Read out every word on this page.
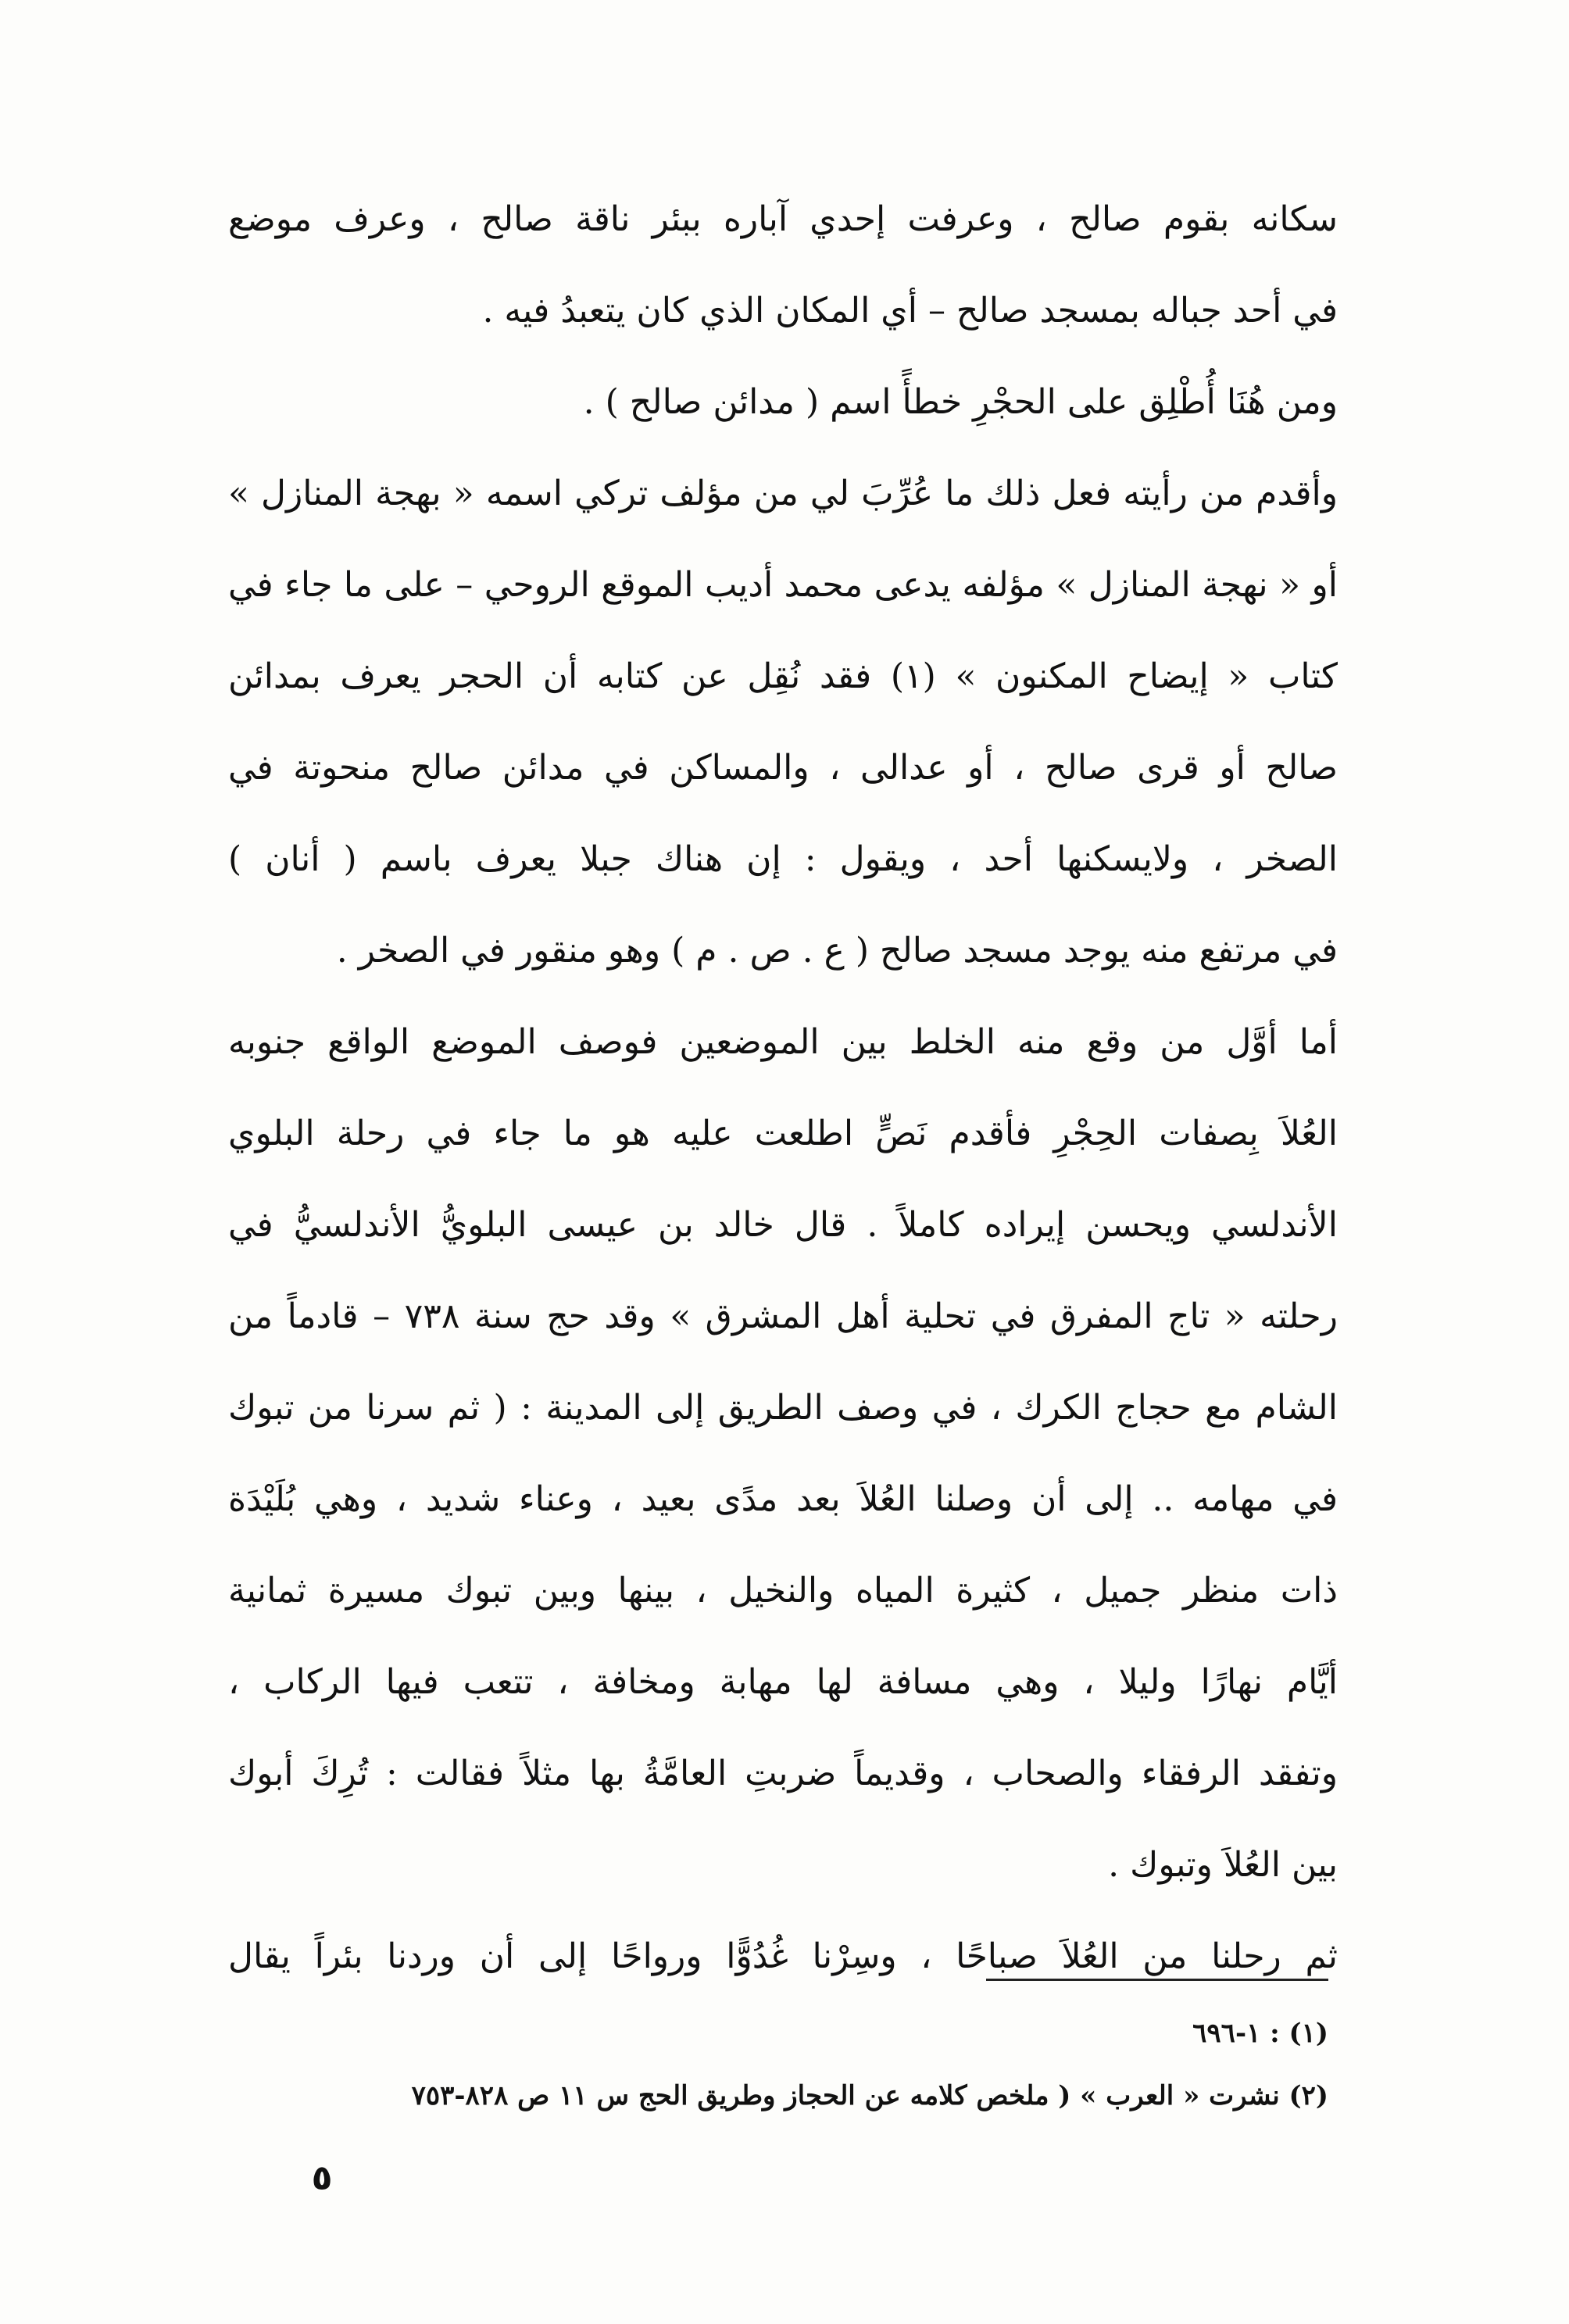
سكانه بقوم صالح ، وعرفت إحدي آباره ببئر ناقة صالح ، وعرف موضع
في أحد جباله بمسجد صالح – أي المكان الذي كان يتعبدُ فيه .
ومن هُنَا أُطْلِق على الحجْرِ خطأً اسم ( مدائن صالح ) .
وأقدم من رأيته فعل ذلك ما عُرِّبَ لي من مؤلف تركي اسمه « بهجة المنازل »
أو « نهجة المنازل » مؤلفه يدعى محمد أديب الموقع الروحي – على ما جاء في
كتاب « إيضاح المكنون » (١) فقد نُقِل عن كتابه أن الحجر يعرف بمدائن
صالح أو قرى صالح ، أو عدالى ، والمساكن في مدائن صالح منحوتة في
الصخر ، ولايسكنها أحد ، ويقول : إن هناك جبلا يعرف باسم ( أنان )
في مرتفع منه يوجد مسجد صالح ( ع . ص . م ) وهو منقور في الصخر .
أما أوَّل من وقع منه الخلط بين الموضعين فوصف الموضع الواقع جنوبه
العُلاَ بِصفات الحِجْرِ فأقدم نَصٍّ اطلعت عليه هو ما جاء في رحلة البلوي
الأندلسي ويحسن إيراده كاملاً . قال خالد بن عيسى البلويُّ الأندلسيُّ في
رحلته « تاج المفرق في تحلية أهل المشرق » وقد حج سنة ٧٣٨ – قادماً من
الشام مع حجاج الكرك ، في وصف الطريق إلى المدينة : ( ثم سرنا من تبوك
في مهامه .. إلى أن وصلنا العُلاَ بعد مدًى بعيد ، وعناء شديد ، وهي بُلَيْدَة
ذات منظر جميل ، كثيرة المياه والنخيل ، بينها وبين تبوك مسيرة ثمانية
أيَّام نهارًا وليلا ، وهي مسافة لها مهابة ومخافة ، تتعب فيها الركاب ،
وتفقد الرفقاء والصحاب ، وقديماً ضربتِ العامَّةُ بها مثلاً فقالت : تُرِكَ أبوك
بين العُلاَ وتبوك .
ثم رحلنا من العُلاَ صباحًا ، وسِرْنا غُدُوًّا ورواحًا إلى أن وردنا بئراً يقال
(١) : ١-٦٩٦
(٢) نشرت « العرب » ( ملخص كلامه عن الحجاز وطريق الحج س ١١ ص ٨٢٨-٧٥٣
٥
